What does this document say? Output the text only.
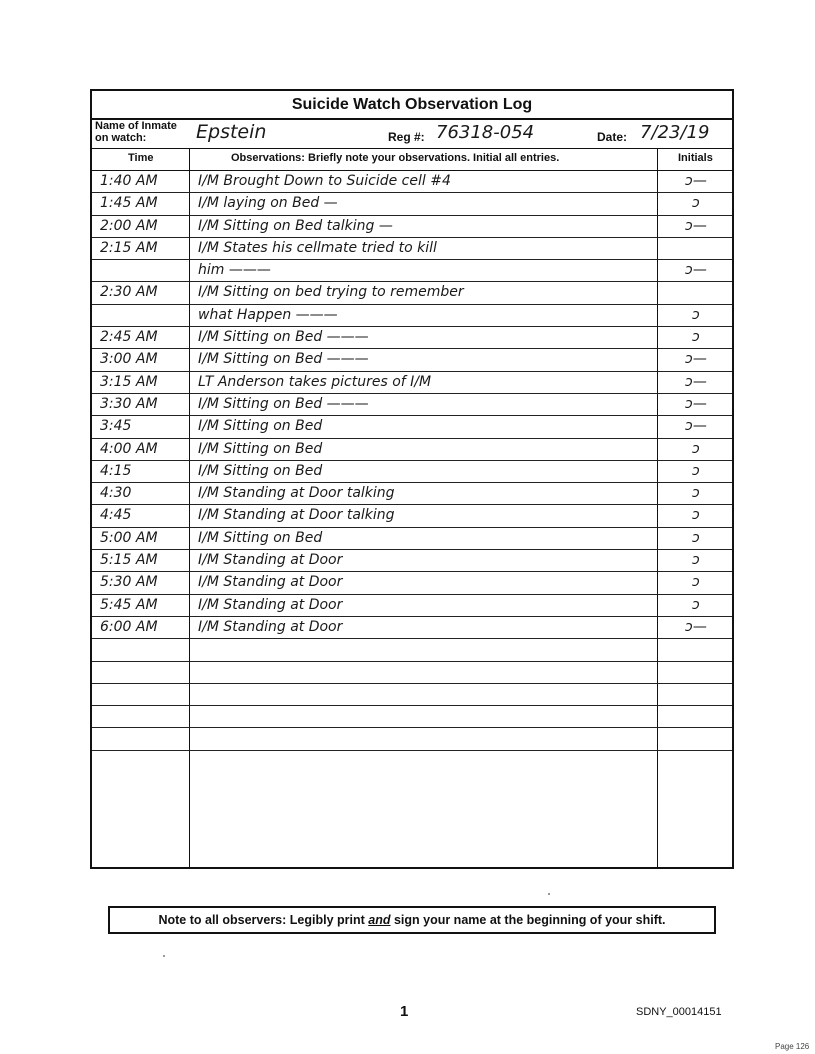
Suicide Watch Observation Log
Name of Inmate on watch:	Epstein	Reg #: 76318-054	Date: 7/23/19
Time	Observations: Briefly note your observations. Initial all entries.	Initials
1:40 AM	I/M Brought Down to Suicide cell #4	ↄ—
1:45 AM	I/M laying on Bed —	ↄ
2:00 AM	I/M Sitting on Bed talking —	ↄ—
2:15 AM	I/M States his cellmate tried to kill
him ———	ↄ—
2:30 AM	I/M Sitting on bed trying to remember
what Happen ———	ↄ
2:45 AM	I/M Sitting on Bed ———	ↄ
3:00 AM	I/M Sitting on Bed ———	ↄ—
3:15 AM	LT Anderson takes pictures of I/M	ↄ—
3:30 AM	I/M Sitting on Bed ———	ↄ—
3:45	I/M Sitting on Bed	ↄ—
4:00 AM	I/M Sitting on Bed	ↄ
4:15	I/M Sitting on Bed	ↄ
4:30	I/M Standing at Door talking	ↄ
4:45	I/M Standing at Door talking	ↄ
5:00 AM	I/M Sitting on Bed	ↄ
5:15 AM	I/M Standing at Door	ↄ
5:30 AM	I/M Standing at Door	ↄ
5:45 AM	I/M Standing at Door	ↄ
6:00 AM	I/M Standing at Door	ↄ—
Note to all observers: Legibly print and sign your name at the beginning of your shift.
1	SDNY_00014151
Page 126
